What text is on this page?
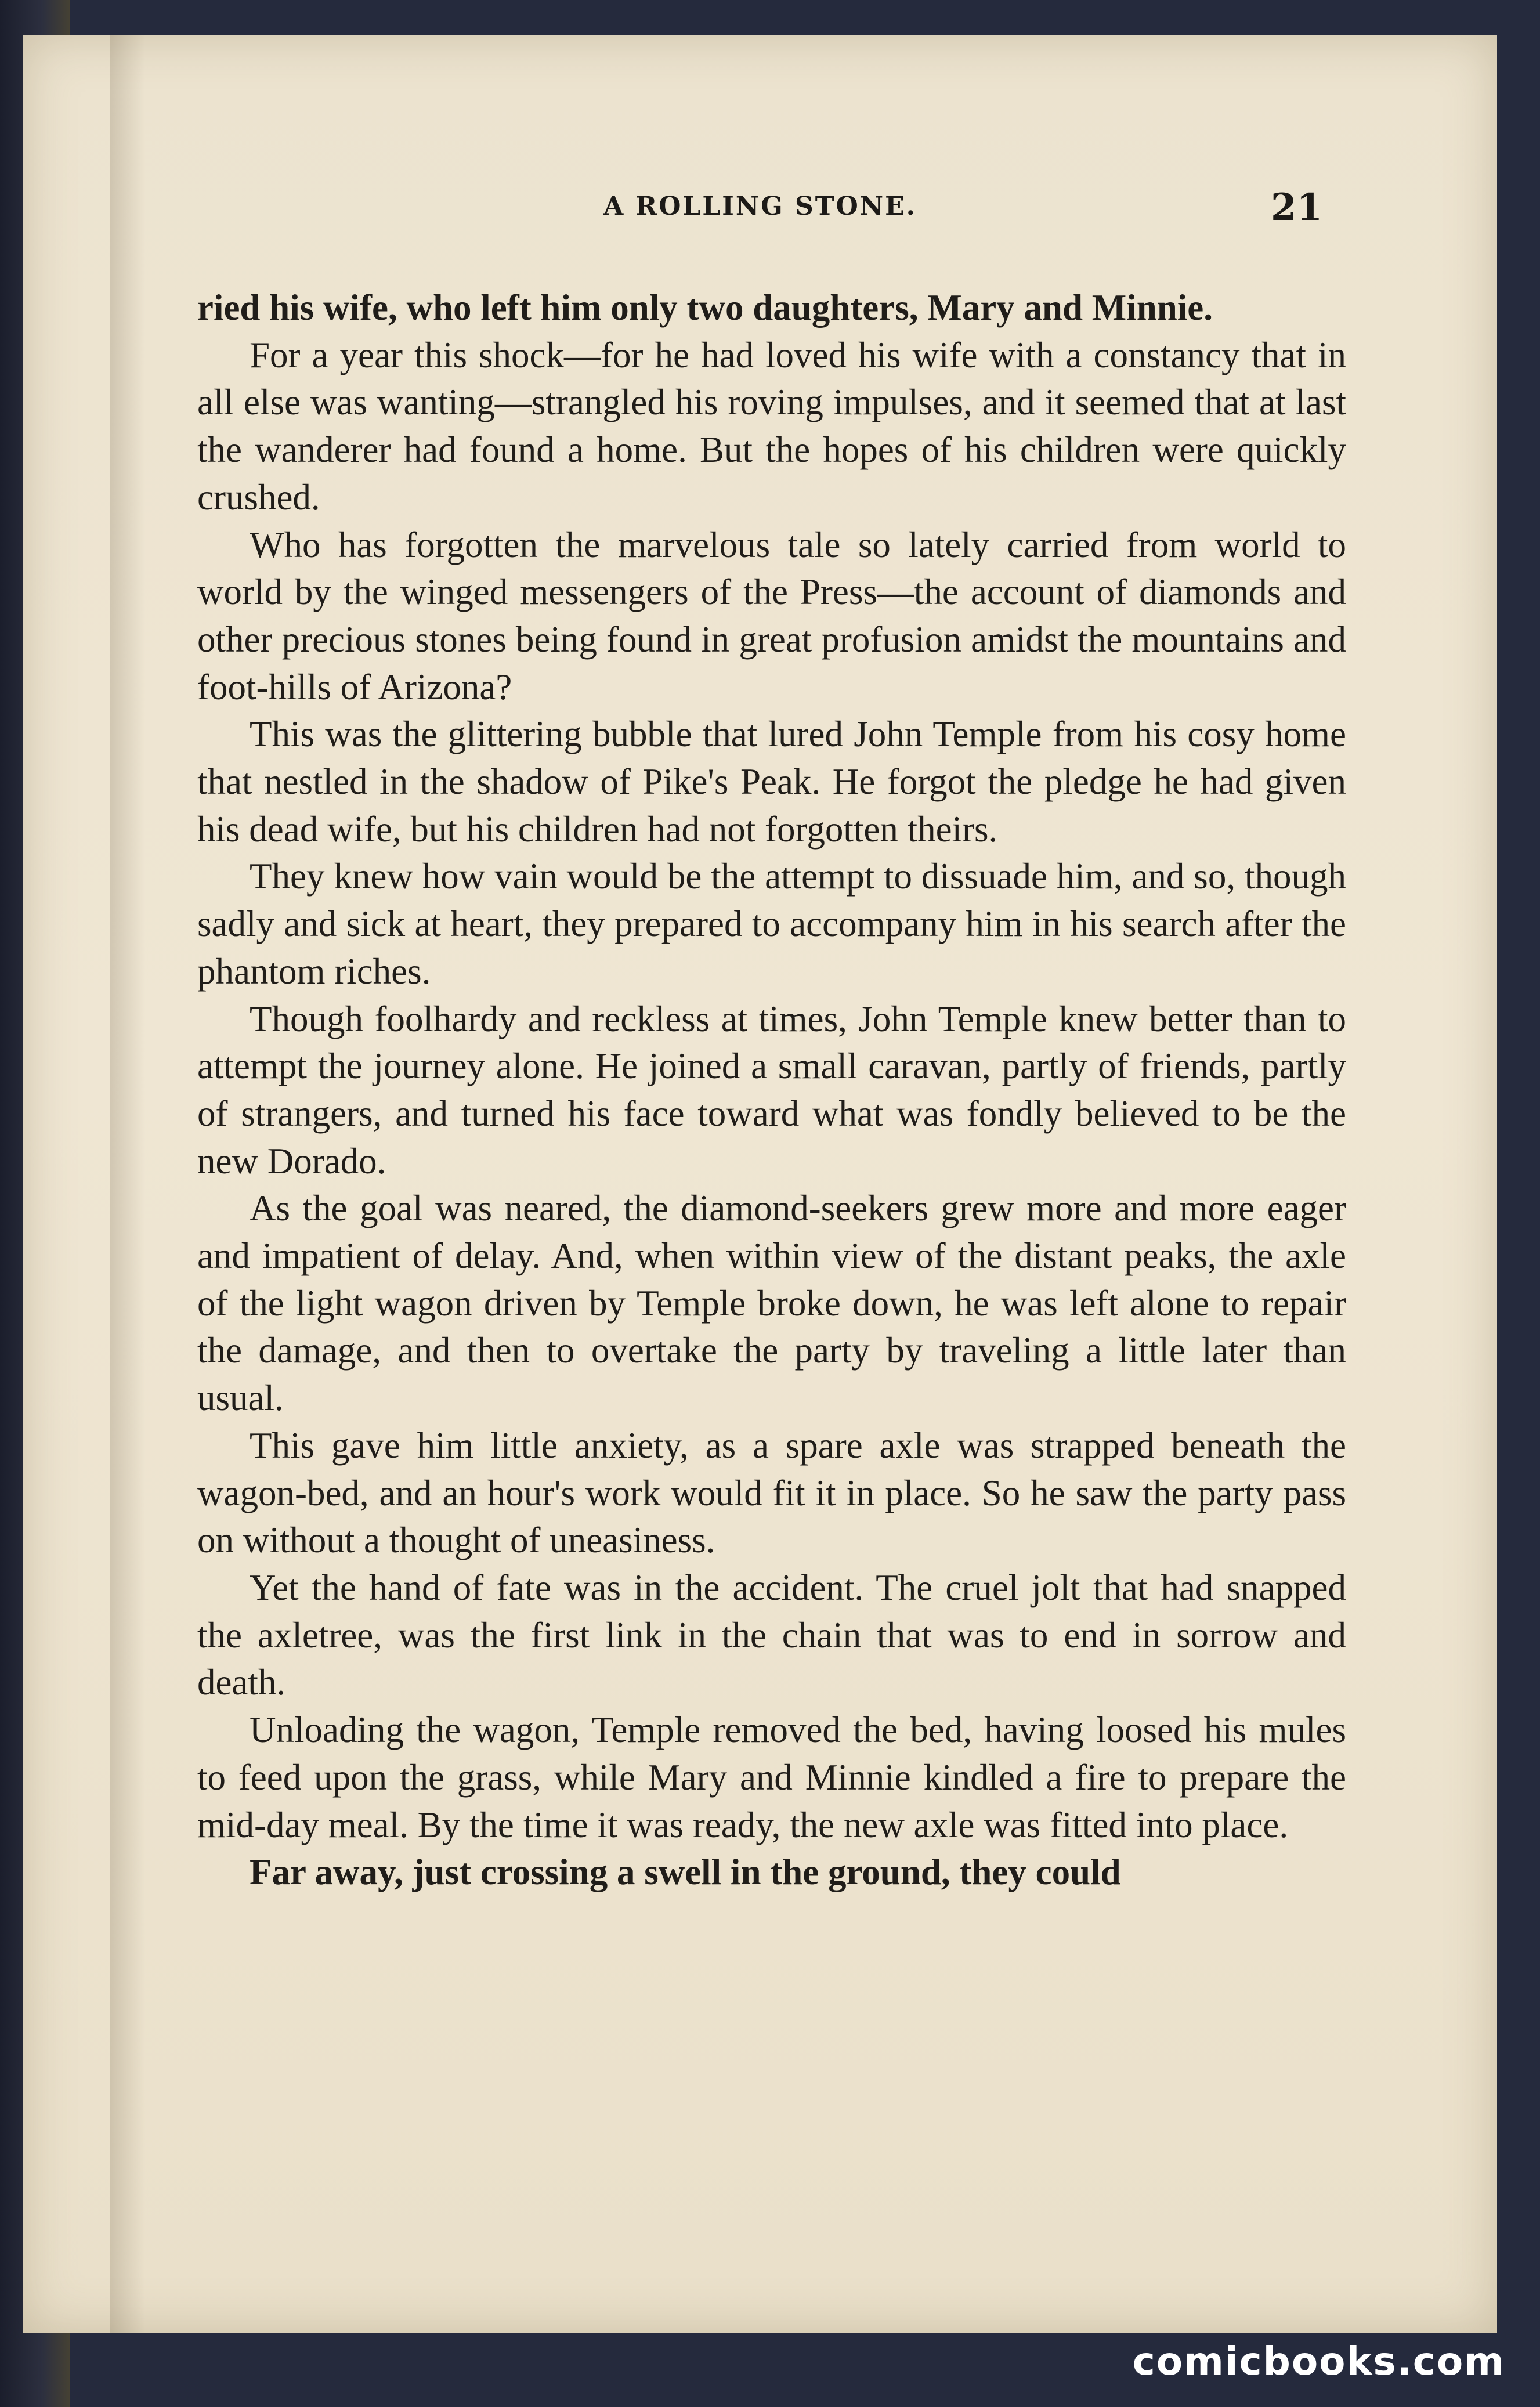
A ROLLING STONE.	21

ried his wife, who left him only two daughters, Mary and Minnie.

For a year this shock—for he had loved his wife with a constancy that in all else was wanting—strangled his roving impulses, and it seemed that at last the wanderer had found a home. But the hopes of his children were quickly crushed.

Who has forgotten the marvelous tale so lately carried from world to world by the winged messengers of the Press—the account of diamonds and other precious stones being found in great profusion amidst the mountains and foot-hills of Arizona?

This was the glittering bubble that lured John Temple from his cosy home that nestled in the shadow of Pike's Peak. He forgot the pledge he had given his dead wife, but his children had not forgotten theirs.

They knew how vain would be the attempt to dissuade him, and so, though sadly and sick at heart, they prepared to accompany him in his search after the phantom riches.

Though foolhardy and reckless at times, John Temple knew better than to attempt the journey alone. He joined a small caravan, partly of friends, partly of strangers, and turned his face toward what was fondly believed to be the new Dorado.

As the goal was neared, the diamond-seekers grew more and more eager and impatient of delay. And, when within view of the distant peaks, the axle of the light wagon driven by Temple broke down, he was left alone to repair the damage, and then to overtake the party by traveling a little later than usual.

This gave him little anxiety, as a spare axle was strapped beneath the wagon-bed, and an hour's work would fit it in place. So he saw the party pass on without a thought of uneasiness.

Yet the hand of fate was in the accident. The cruel jolt that had snapped the axletree, was the first link in the chain that was to end in sorrow and death.

Unloading the wagon, Temple removed the bed, having loosed his mules to feed upon the grass, while Mary and Minnie kindled a fire to prepare the mid-day meal. By the time it was ready, the new axle was fitted into place.

Far away, just crossing a swell in the ground, they could

comicbooks.com
